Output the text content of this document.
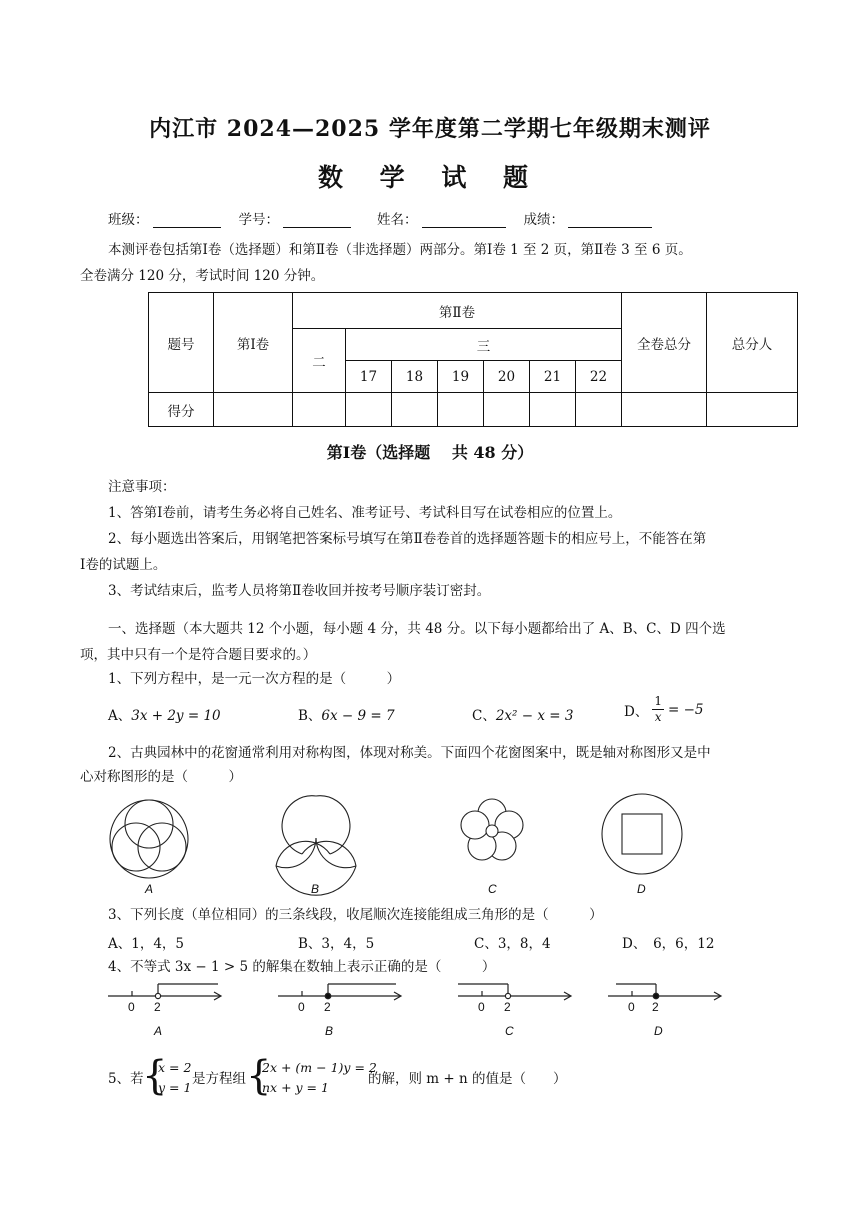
内江市 2024—2025 学年度第二学期七年级期末测评
数 学 试 题
班级：	学号：	姓名：	成绩：
本测评卷包括第Ⅰ卷（选择题）和第Ⅱ卷（非选择题）两部分。第Ⅰ卷 1 至 2 页，第Ⅱ卷 3 至 6 页。
全卷满分 120 分，考试时间 120 分钟。
题号	第Ⅰ卷	第Ⅱ卷							全卷总分	总分人
		二	三							
			17	18	19	20	21	22		
得分										
第Ⅰ卷（选择题　 共 48 分）
注意事项：
1、答第Ⅰ卷前，请考生务必将自己姓名、准考证号、考试科目写在试卷相应的位置上。
2、每小题选出答案后，用钢笔把答案标号填写在第Ⅱ卷卷首的选择题答题卡的相应号上，不能答在第
Ⅰ卷的试题上。
3、考试结束后，监考人员将第Ⅱ卷收回并按考号顺序装订密封。
一、选择题（本大题共 12 个小题，每小题 4 分，共 48 分。以下每小题都给出了 A、B、C、D 四个选
项，其中只有一个是符合题目要求的。）
1、下列方程中，是一元一次方程的是（　　　）
A、3x + 2y = 10	B、6x − 9 = 7	C、2x² − x = 3	D、 $\frac{1}{x} = -5$
2、古典园林中的花窗通常利用对称构图，体现对称美。下面四个花窗图案中，既是轴对称图形又是中
心对称图形的是（　　　）
A	B	C	D
3、下列长度（单位相同）的三条线段，收尾顺次连接能组成三角形的是（　　　）
A、1，4，5	B、3，4，5	C、3，8，4	D、　6，6，12
4、不等式 3x − 1 > 5 的解集在数轴上表示正确的是（　　　）
0 2
A
0 2
B
0 2
C
0 2
D
5、若
{
x = 2
y = 1
是方程组 {
2x + (m − 1)y = 2
nx + y = 1
的解，则 m + n 的值是（　　）
